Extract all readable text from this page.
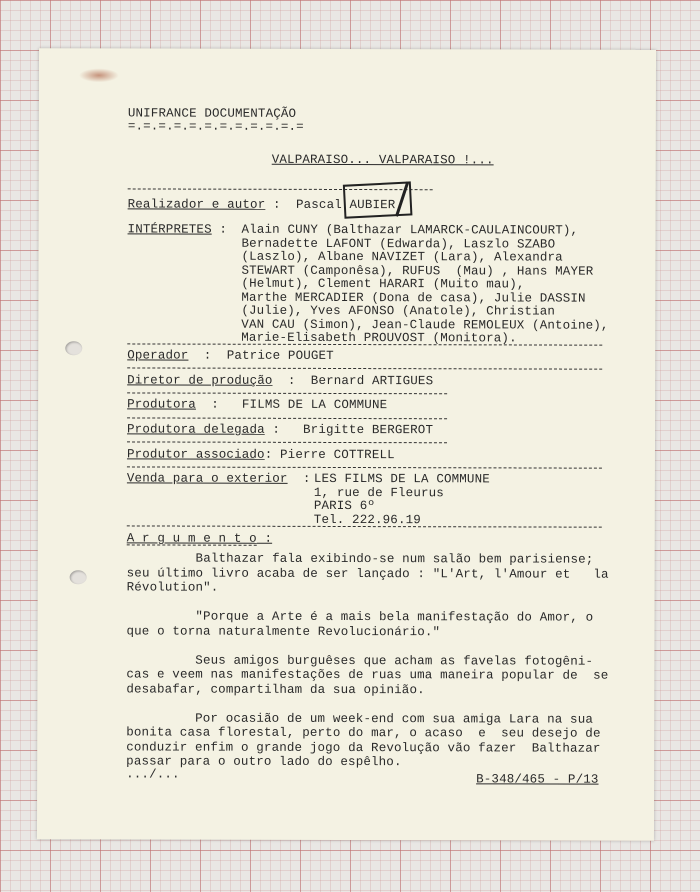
UNIFRANCE DOCUMENTAÇÃO
=.=.=.=.=.=.=.=.=.=.=.=
VALPARAISO... VALPARAISO !...
Realizador e autor :  Pascal AUBIER
INTÉRPRETES : Alain CUNY (Balthazar LAMARCK-CAULAINCOURT),
Bernadette LAFONT (Edwarda), Laszlo SZABO
(Laszlo), Albane NAVIZET (Lara), Alexandra
STEWART (Camponêsa), RUFUS  (Mau) , Hans MAYER
(Helmut), Clement HARARI (Muito mau),
Marthe MERCADIER (Dona de casa), Julie DASSIN
(Julie), Yves AFONSO (Anatole), Christian
VAN CAU (Simon), Jean-Claude REMOLEUX (Antoine),
Marie-Elisabeth PROUVOST (Monitora).
Operador  :  Patrice POUGET
Diretor de produção  :  Bernard ARTIGUES
Produtora  :   FILMS DE LA COMMUNE
Produtora delegada :   Brigitte BERGEROT
Produtor associado: Pierre COTTRELL
Venda para o exterior  : LES FILMS DE LA COMMUNE
1, rue de Fleurus
PARIS 6º
Tel. 222.96.19
A r g u m e n t o :
Balthazar fala exibindo-se num salão bem parisiense;
seu último livro acaba de ser lançado : "L'Art, l'Amour et   la
Révolution".
"Porque a Arte é a mais bela manifestação do Amor, o
que o torna naturalmente Revolucionário."
Seus amigos burguêses que acham as favelas fotogêni-
cas e veem nas manifestações de ruas uma maneira popular de  se
desabafar, compartilham da sua opinião.
Por ocasião de um week-end com sua amiga Lara na sua
bonita casa florestal, perto do mar, o acaso  e  seu desejo de
conduzir enfim o grande jogo da Revolução vão fazer  Balthazar
passar para o outro lado do espêlho.
.../...	B-348/465 - P/13
